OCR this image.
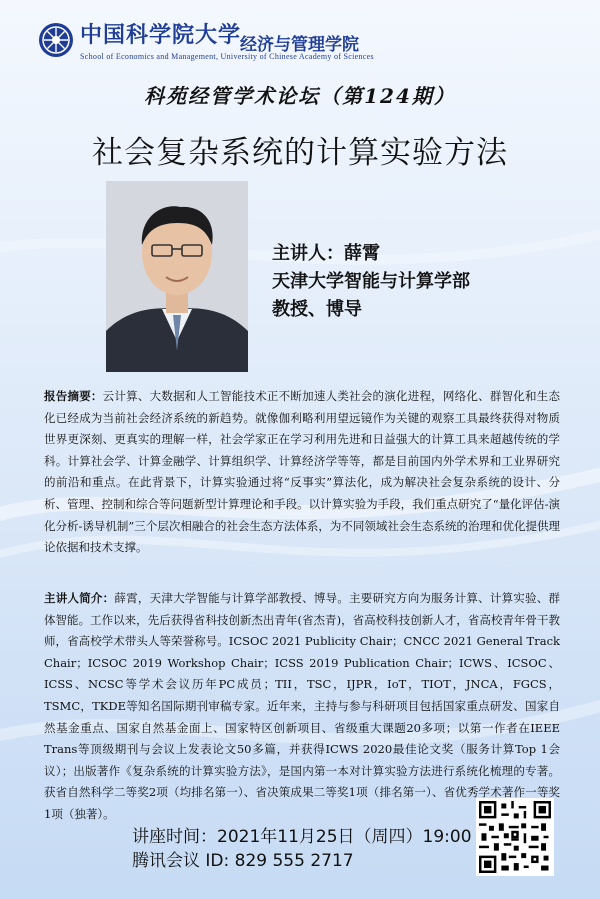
中国科学院大学
经济与管理学院
School of Economics and Management, University of Chinese Academy of Sciences
科苑经管学术论坛（第124期）
社会复杂系统的计算实验方法
主讲人：薛霄
天津大学智能与计算学部
教授、博导
报告摘要：云计算、大数据和人工智能技术正不断加速人类社会的演化进程，网络化、群智化和生态化已经成为当前社会经济系统的新趋势。就像伽利略利用望远镜作为关键的观察工具最终获得对物质世界更深刻、更真实的理解一样，社会学家正在学习利用先进和日益强大的计算工具来超越传统的学科。计算社会学、计算金融学、计算组织学、计算经济学等等，都是目前国内外学术界和工业界研究的前沿和重点。在此背景下，计算实验通过将“反事实”算法化，成为解决社会复杂系统的设计、分析、管理、控制和综合等问题新型计算理论和手段。以计算实验为手段，我们重点研究了“量化评估-演化分析-诱导机制”三个层次相融合的社会生态方法体系，为不同领域社会生态系统的治理和优化提供理论依据和技术支撑。
主讲人简介：薛霄，天津大学智能与计算学部教授、博导。主要研究方向为服务计算、计算实验、群体智能。工作以来，先后获得省科技创新杰出青年(省杰青)，省高校科技创新人才，省高校青年骨干教师，省高校学术带头人等荣誉称号。ICSOC 2021 Publicity Chair；CNCC 2021 General Track Chair；ICSOC 2019 Workshop Chair；ICSS 2019 Publication Chair；ICWS、ICSOC、ICSS、NCSC等学术会议历年PC成员；TII，TSC，IJPR，IoT，TIOT，JNCA，FGCS，TSMC，TKDE等知名国际期刊审稿专家。近年来，主持与参与科研项目包括国家重点研发、国家自然基金重点、国家自然基金面上、国家特区创新项目、省级重大课题20多项；以第一作者在IEEE Trans等顶级期刊与会议上发表论文50多篇，并获得ICWS 2020最佳论文奖（服务计算Top 1会议）；出版著作《复杂系统的计算实验方法》，是国内第一本对计算实验方法进行系统化梳理的专著。获省自然科学二等奖2项（均排名第一）、省决策成果二等奖1项（排名第一）、省优秀学术著作一等奖1项（独著）。
讲座时间：2021年11月25日（周四）19:00
腾讯会议 ID: 829 555 2717
